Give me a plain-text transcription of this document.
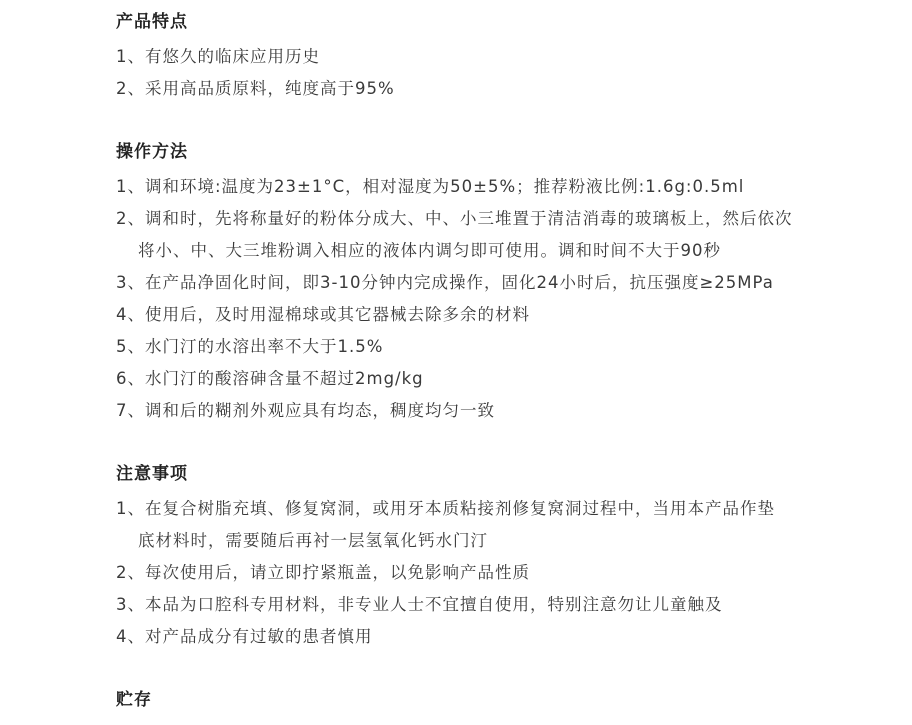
产品特点
1、有悠久的临床应用历史
2、采用高品质原料，纯度高于95%
操作方法
1、调和环境:温度为23±1°C，相对湿度为50±5%；推荐粉液比例:1.6g:0.5ml
2、调和时，先将称量好的粉体分成大、中、小三堆置于清洁消毒的玻璃板上，然后依次
将小、中、大三堆粉调入相应的液体内调匀即可使用。调和时间不大于90秒
3、在产品净固化时间，即3-10分钟内完成操作，固化24小时后，抗压强度≥25MPa
4、使用后，及时用湿棉球或其它器械去除多余的材料
5、水门汀的水溶出率不大于1.5%
6、水门汀的酸溶砷含量不超过2mg/kg
7、调和后的糊剂外观应具有均态，稠度均匀一致
注意事项
1、在复合树脂充填、修复窝洞，或用牙本质粘接剂修复窝洞过程中，当用本产品作垫
底材料时，需要随后再衬一层氢氧化钙水门汀
2、每次使用后，请立即拧紧瓶盖，以免影响产品性质
3、本品为口腔科专用材料，非专业人士不宜擅自使用，特别注意勿让儿童触及
4、对产品成分有过敏的患者慎用
贮存
